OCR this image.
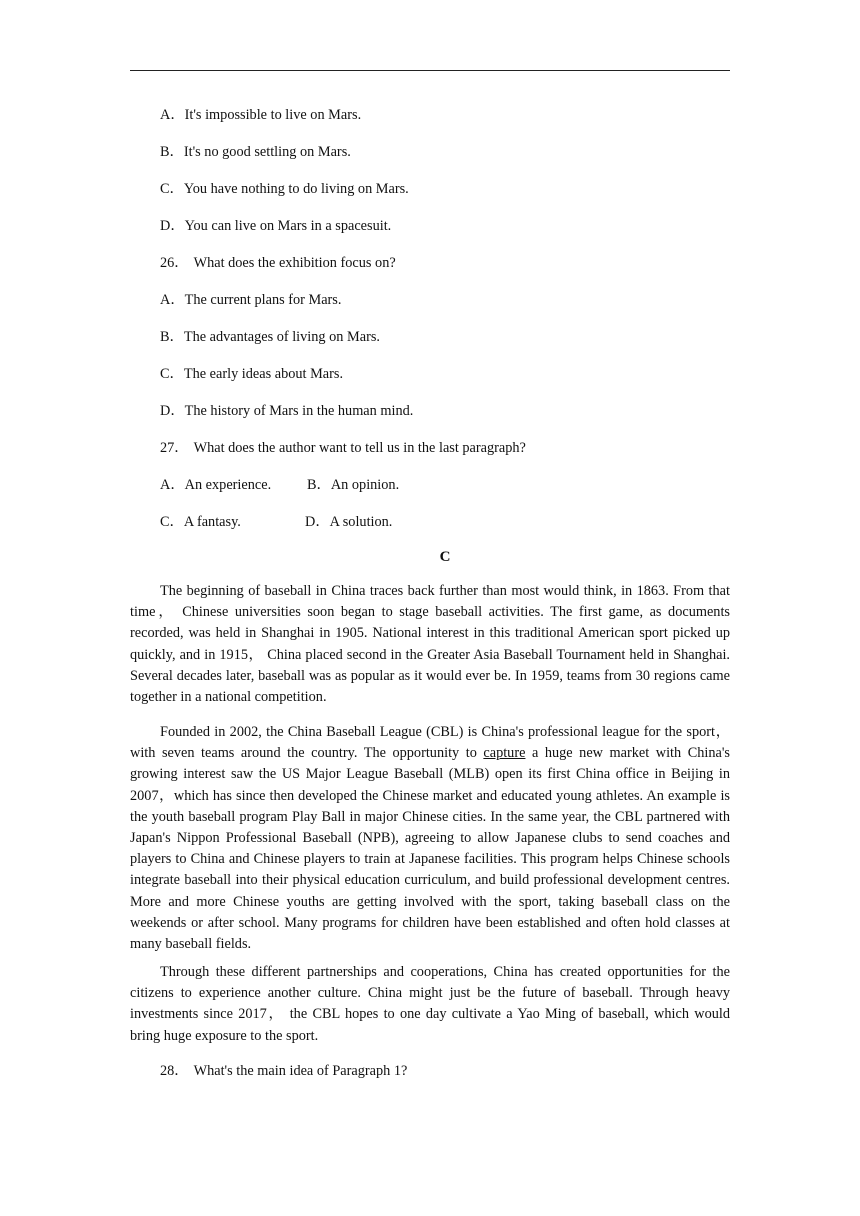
A．It's impossible to live on Mars.
B．It's no good settling on Mars.
C．You have nothing to do living on Mars.
D．You can live on Mars in a spacesuit.
26． What does the exhibition focus on?
A．The current plans for Mars.
B．The advantages of living on Mars.
C．The early ideas about Mars.
D．The history of Mars in the human mind.
27． What does the author want to tell us in the last paragraph?
A．An experience.	B．An opinion.
C．A fantasy.	D．A solution.
C

The beginning of baseball in China traces back further than most would think, in 1863. From that time， Chinese universities soon began to stage baseball activities. The first game, as documents recorded, was held in Shanghai in 1905. National interest in this traditional American sport picked up quickly, and in 1915， China placed second in the Greater Asia Baseball Tournament held in Shanghai. Several decades later, baseball was as popular as it would ever be. In 1959, teams from 30 regions came together in a national competition.

Founded in 2002, the China Baseball League (CBL) is China's professional league for the sport，with seven teams around the country. The opportunity to capture a huge new market with China's growing interest saw the US Major League Baseball (MLB) open its first China office in Beijing in 2007，which has since then developed the Chinese market and educated young athletes. An example is the youth baseball program Play Ball in major Chinese cities. In the same year, the CBL partnered with Japan's Nippon Professional Baseball (NPB), agreeing to allow Japanese clubs to send coaches and players to China and Chinese players to train at Japanese facilities. This program helps Chinese schools integrate baseball into their physical education curriculum, and build professional development centres. More and more Chinese youths are getting involved with the sport, taking baseball class on the weekends or after school. Many programs for children have been established and often hold classes at many baseball fields.

Through these different partnerships and cooperations, China has created opportunities for the citizens to experience another culture. China might just be the future of baseball. Through heavy investments since 2017， the CBL hopes to one day cultivate a Yao Ming of baseball, which would bring huge exposure to the sport.

28． What's the main idea of Paragraph 1?
